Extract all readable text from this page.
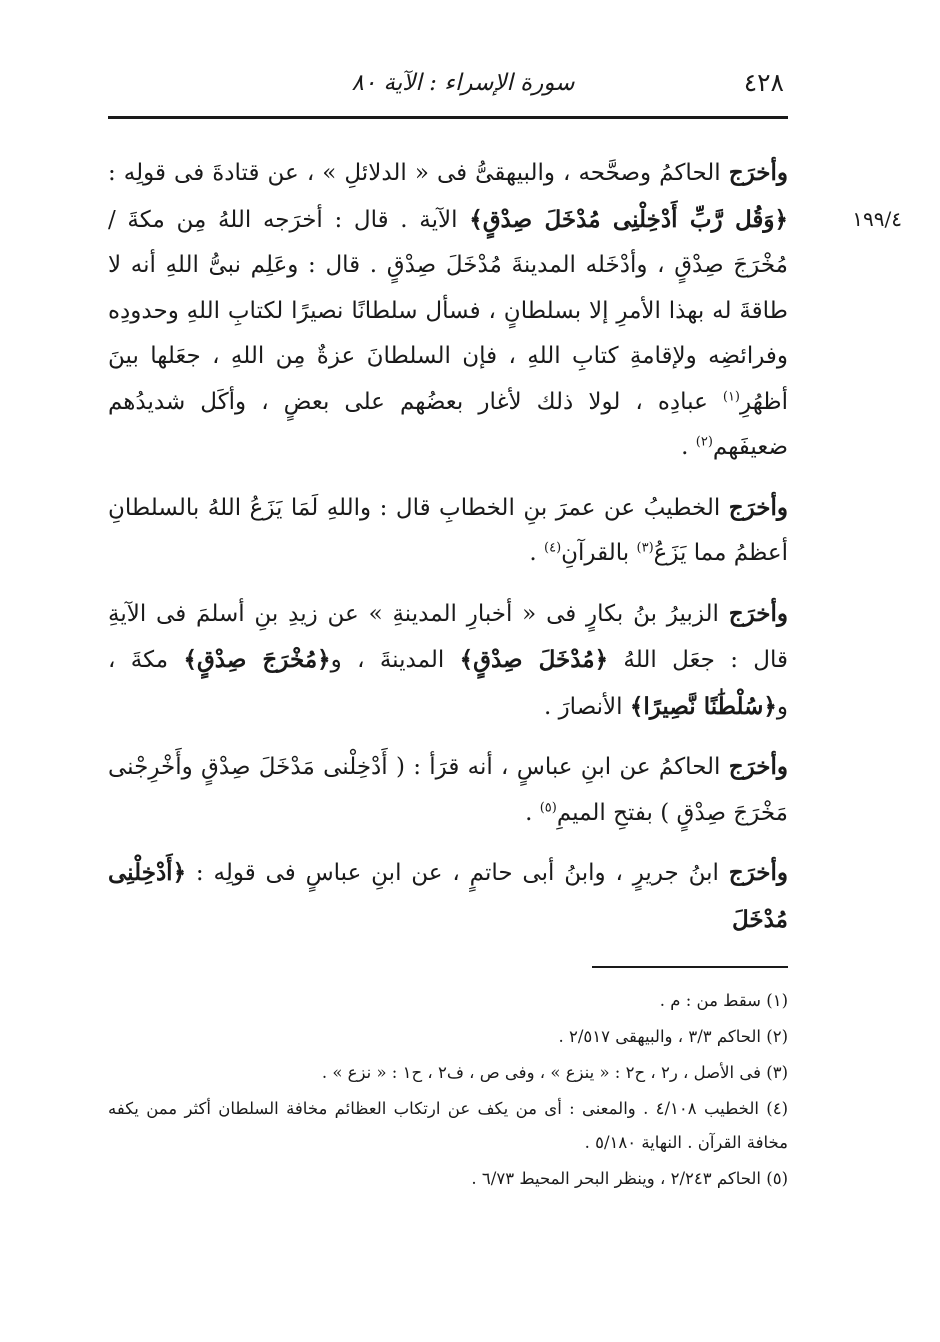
٤٢٨
سورة الإسراء : الآية ٨٠
١٩٩/٤

وأخرَج الحاكمُ وصحَّحه ، والبيهقىُّ فى « الدلائلِ » ، عن قتادةَ فى قولِه : ﴿وَقُل رَّبِّ أَدْخِلْنِى مُدْخَلَ صِدْقٍ﴾ الآية . قال : أخرَجه اللهُ مِن مكةَ / مُخْرَجَ صِدْقٍ ، وأدْخَله المدينةَ مُدْخَلَ صِدْقٍ . قال : وعَلِم نبىُّ اللهِ أنه لا طاقةَ له بهذا الأمرِ إلا بسلطانٍ ، فسأل سلطانًا نصيرًا لكتابِ اللهِ وحدودِه وفرائضِه ولإقامةِ كتابِ اللهِ ، فإن السلطانَ عزةٌ مِن اللهِ ، جعَلها بينَ أظهُرِ$^{(١)}$ عبادِه ، لولا ذلك لأغار بعضُهم على بعضٍ ، وأكَل شديدُهم ضعيفَهم$^{(٢)}$ .

وأخرَج الخطيبُ عن عمرَ بنِ الخطابِ قال : واللهِ لَمَا يَزَعُ اللهُ بالسلطانِ أعظمُ مما يَزَعُ$^{(٣)}$ بالقرآنِ$^{(٤)}$ .

وأخرَج الزبيرُ بنُ بكارٍ فى « أخبارِ المدينةِ » عن زيدِ بنِ أسلمَ فى الآيةِ قال : جعَل اللهُ ﴿مُدْخَلَ صِدْقٍ﴾ المدينةَ ، و﴿مُخْرَجَ صِدْقٍ﴾ مكةَ ، و﴿سُلْطَٰنًا نَّصِيرًا﴾ الأنصارَ .

وأخرَج الحاكمُ عن ابنِ عباسٍ ، أنه قرَأ : ( أَدْخِلْنى مَدْخَلَ صِدْقٍ وأَخْرِجْنى مَخْرَجَ صِدْقٍ ) بفتحِ الميمِ$^{(٥)}$ .

وأخرَج ابنُ جريرٍ ، وابنُ أبى حاتمٍ ، عن ابنِ عباسٍ فى قولِه : ﴿أَدْخِلْنِى مُدْخَلَ

(١) سقط من : م .

(٢) الحاكم ٣/٣ ، والبيهقى ٢/٥١٧ .

(٣) فى الأصل ، ر٢ ، ح٢ : « ينزع » ، وفى ص ، ف٢ ، ح١ : « نزع » .

(٤) الخطيب ٤/١٠٨ . والمعنى : أى من يكف عن ارتكاب العظائم مخافة السلطان أكثر ممن يكفه مخافة القرآن . النهاية ٥/١٨٠ .

(٥) الحاكم ٢/٢٤٣ ، وينظر البحر المحيط ٦/٧٣ .
